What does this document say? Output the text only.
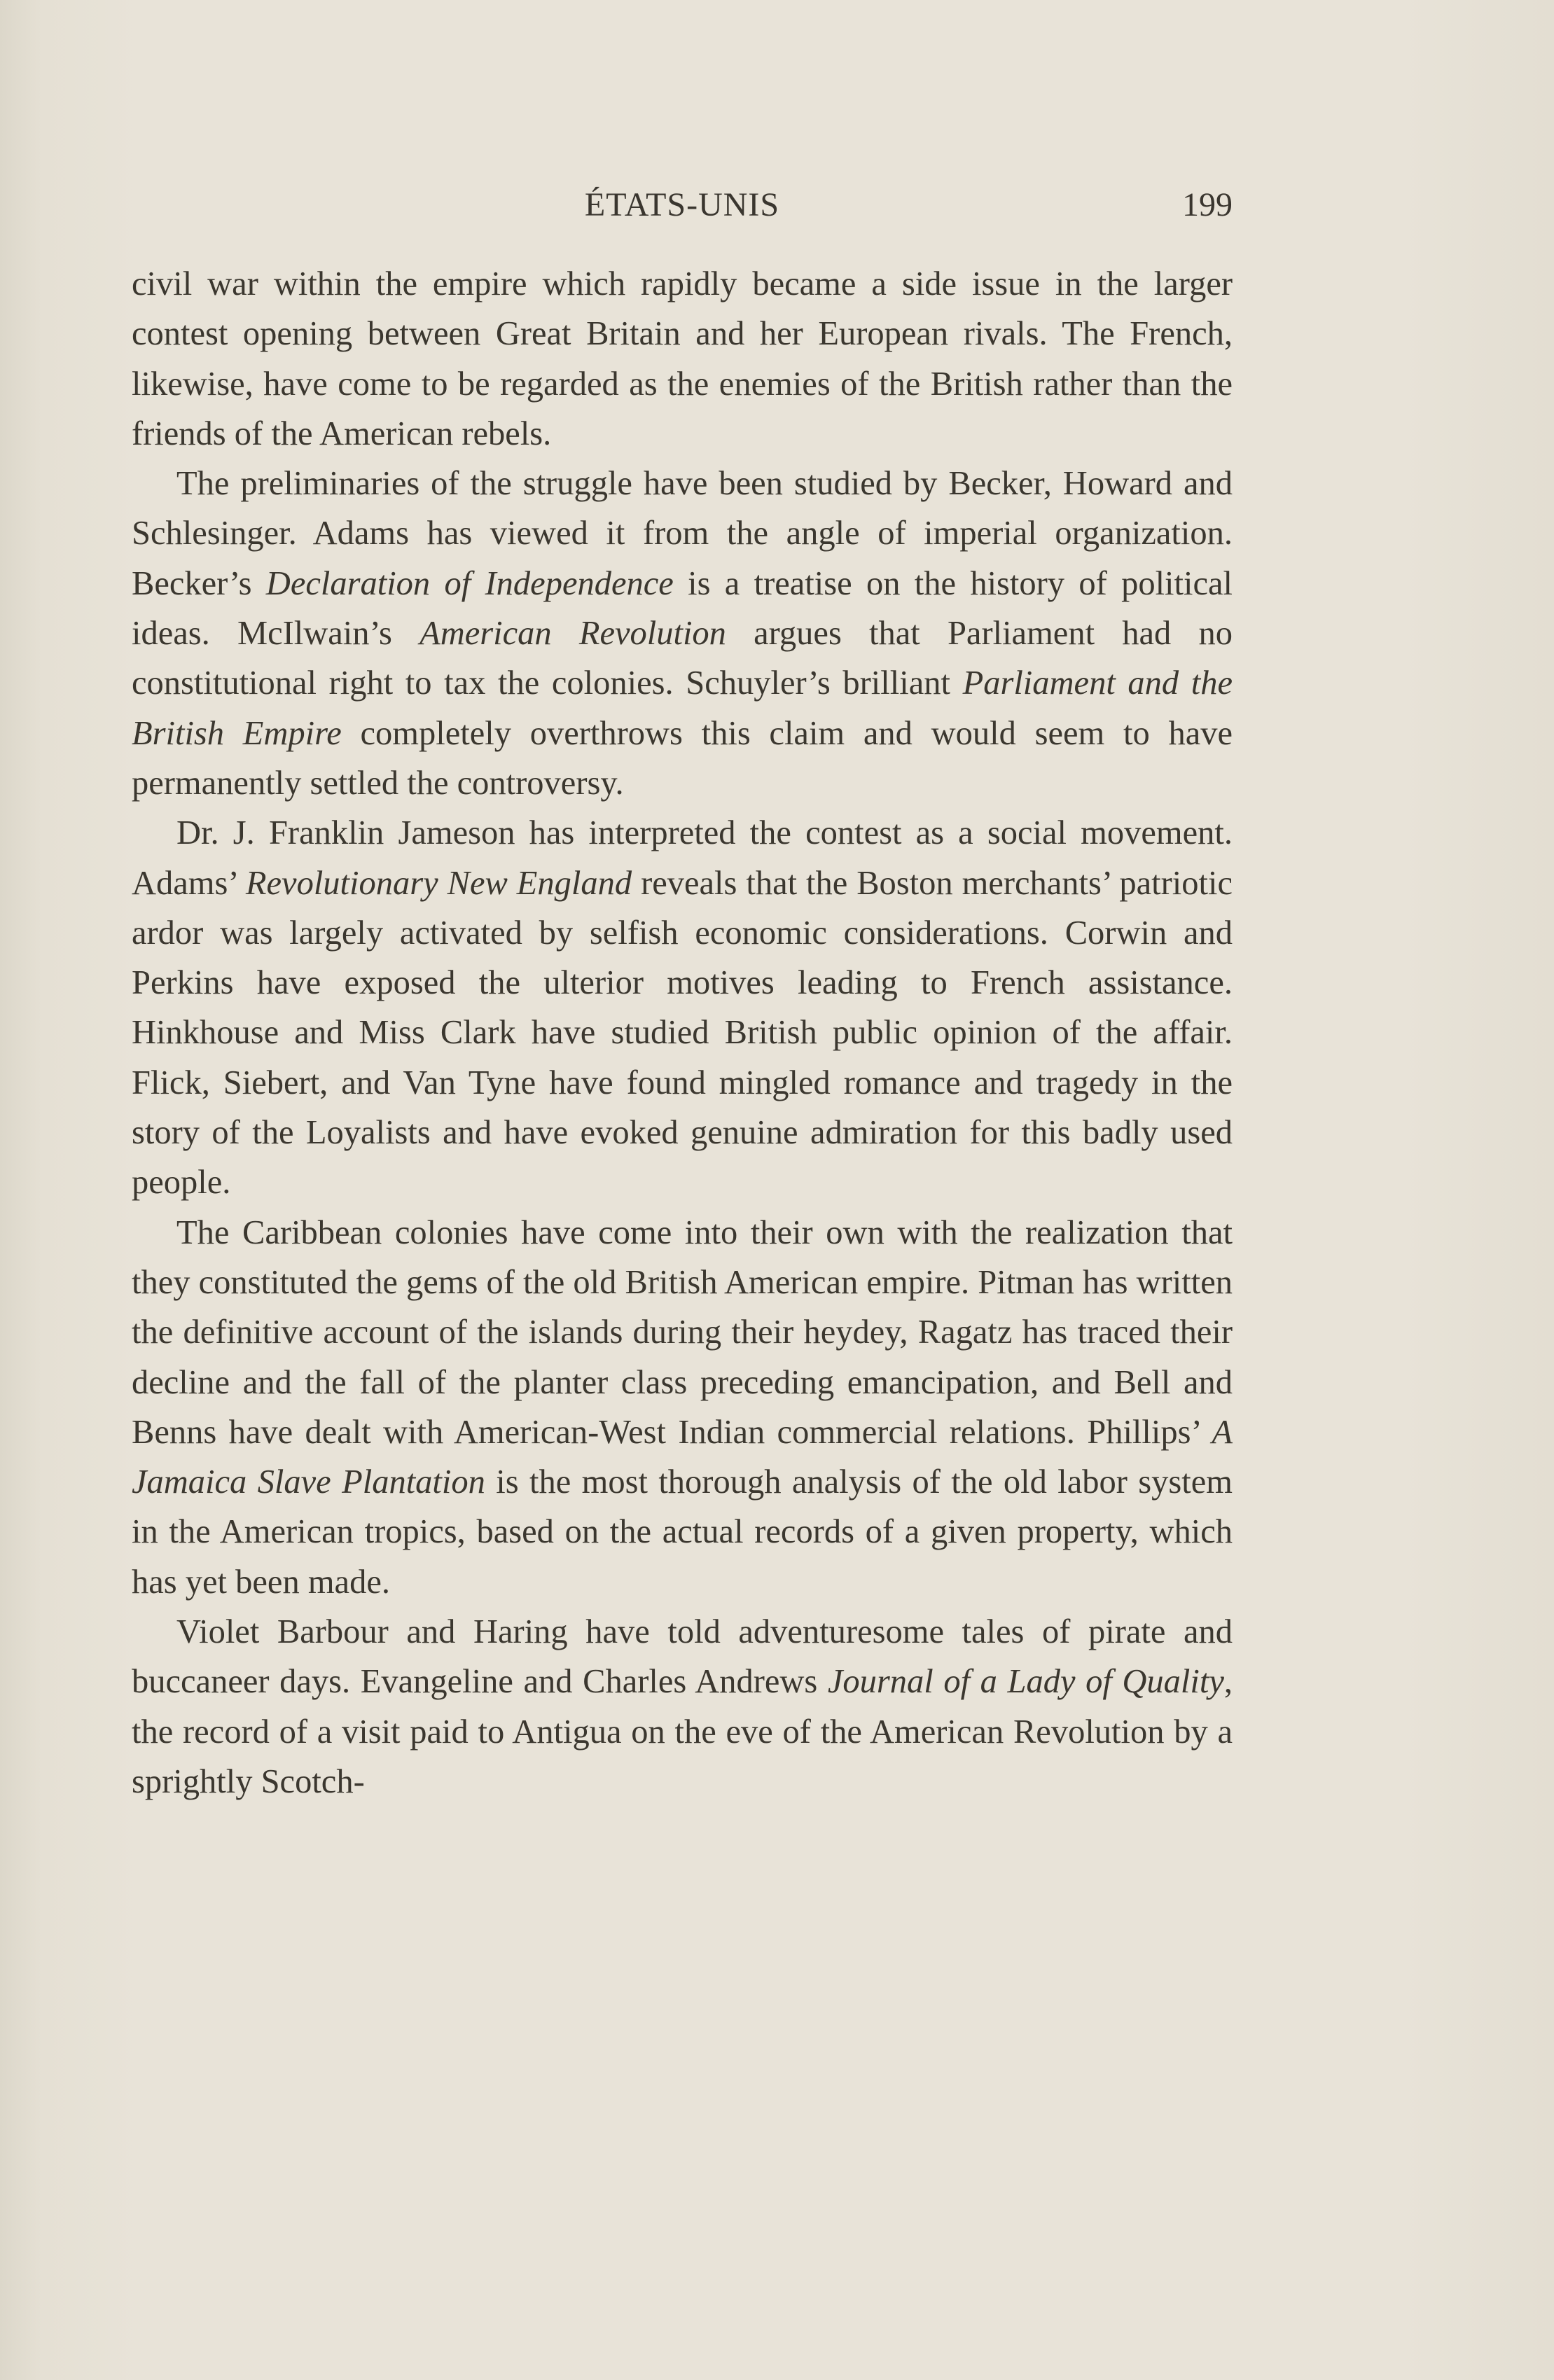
ÉTATS-UNIS	199

civil war within the empire which rapidly became a side issue in the larger contest opening between Great Britain and her European rivals. The French, likewise, have come to be regarded as the enemies of the British rather than the friends of the American rebels.

The preliminaries of the struggle have been studied by Becker, Howard and Schlesinger. Adams has viewed it from the angle of imperial organization. Becker’s Declaration of Independence is a treatise on the history of political ideas. McIlwain’s American Revolution argues that Parliament had no constitutional right to tax the colonies. Schuyler’s brilliant Parliament and the British Empire completely overthrows this claim and would seem to have permanently settled the controversy.

Dr. J. Franklin Jameson has interpreted the contest as a social movement. Adams’ Revolutionary New England reveals that the Boston merchants’ patriotic ardor was largely activated by selfish economic considerations. Corwin and Perkins have exposed the ulterior motives leading to French assistance. Hinkhouse and Miss Clark have studied British public opinion of the affair. Flick, Siebert, and Van Tyne have found mingled romance and tragedy in the story of the Loyalists and have evoked genuine admiration for this badly used people.

The Caribbean colonies have come into their own with the realization that they constituted the gems of the old British American empire. Pitman has written the definitive account of the islands during their heydey, Ragatz has traced their decline and the fall of the planter class preceding emancipation, and Bell and Benns have dealt with American-West Indian commercial relations. Phillips’ A Jamaica Slave Plantation is the most thorough analysis of the old labor system in the American tropics, based on the actual records of a given property, which has yet been made.

Violet Barbour and Haring have told adventuresome tales of pirate and buccaneer days. Evangeline and Charles Andrews Journal of a Lady of Quality, the record of a visit paid to Antigua on the eve of the American Revolution by a sprightly Scotch-
